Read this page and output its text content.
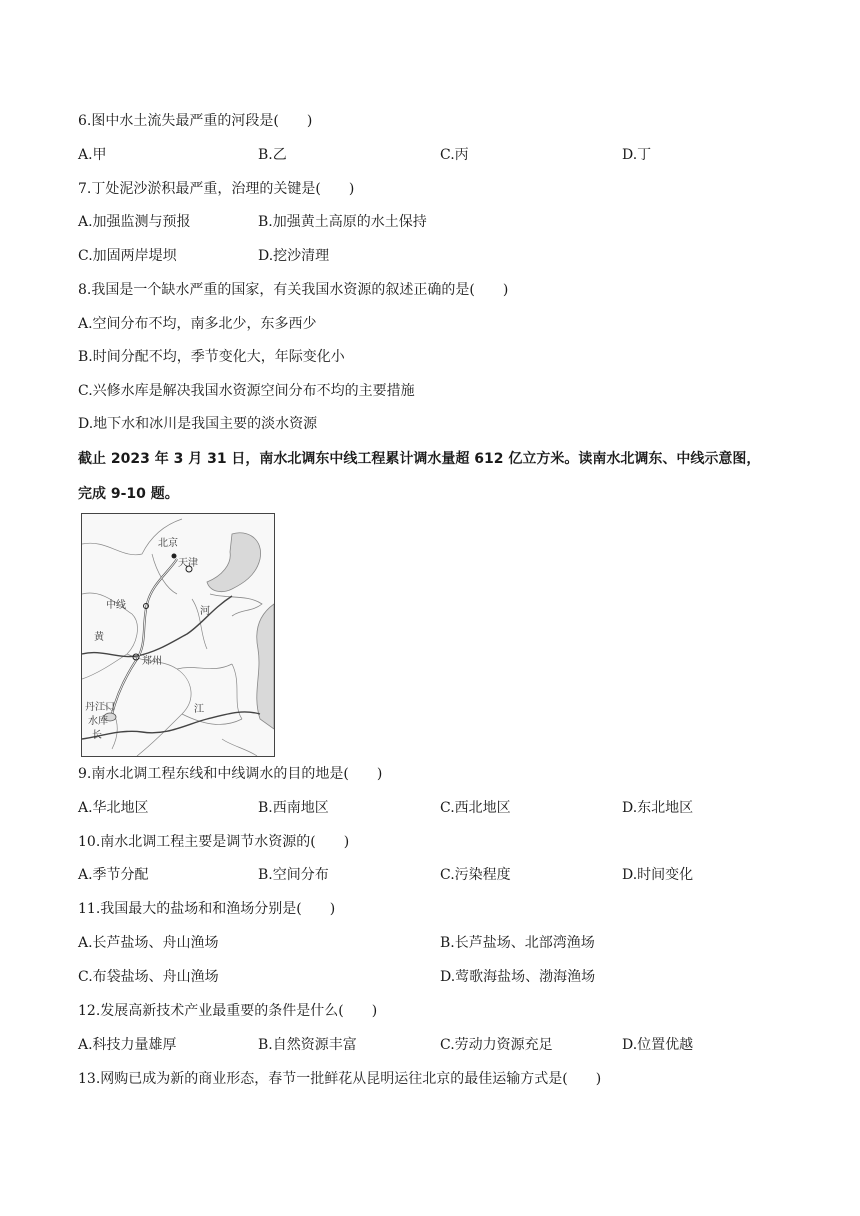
6.图中水土流失最严重的河段是(　　)
A.甲	B.乙	C.丙	D.丁
7.丁处泥沙淤积最严重，治理的关键是(　　)
A.加强监测与预报	B.加强黄土高原的水土保持
C.加固两岸堤坝	D.挖沙清理
8.我国是一个缺水严重的国家，有关我国水资源的叙述正确的是(　　)
A.空间分布不均，南多北少，东多西少
B.时间分配不均，季节变化大，年际变化小
C.兴修水库是解决我国水资源空间分布不均的主要措施
D.地下水和冰川是我国主要的淡水资源
截止 2023 年 3 月 31 日，南水北调东中线工程累计调水量超 612 亿立方米。读南水北调东、中线示意图，
完成 9-10 题。
北京
天津
中线
河
黄
郑州
丹江口
水库
江
长
9.南水北调工程东线和中线调水的目的地是(　　)
A.华北地区	B.西南地区	C.西北地区	D.东北地区
10.南水北调工程主要是调节水资源的(　　)
A.季节分配	B.空间分布	C.污染程度	D.时间变化
11.我国最大的盐场和和渔场分别是(　　)
A.长芦盐场、舟山渔场	B.长芦盐场、北部湾渔场
C.布袋盐场、舟山渔场	D.莺歌海盐场、渤海渔场
12.发展高新技术产业最重要的条件是什么(　　)
A.科技力量雄厚	B.自然资源丰富	C.劳动力资源充足	D.位置优越
13.网购已成为新的商业形态，春节一批鲜花从昆明运往北京的最佳运输方式是(　　)
